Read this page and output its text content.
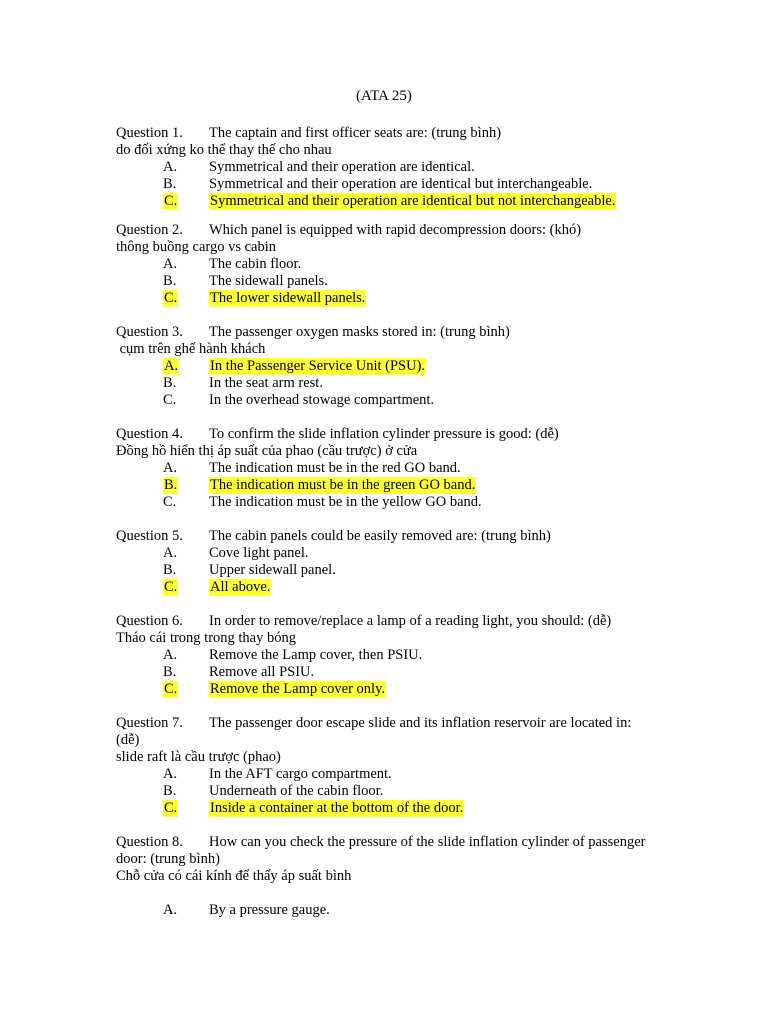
(ATA 25)
Question 1. The captain and first officer seats are: (trung bình)
do đối xứng ko thể thay thế cho nhau
A. Symmetrical and their operation are identical.
B. Symmetrical and their operation are identical but interchangeable.
C. Symmetrical and their operation are identical but not interchangeable.
Question 2. Which panel is equipped with rapid decompression doors: (khó)
thông buồng cargo vs cabin
A. The cabin floor.
B. The sidewall panels.
C. The lower sidewall panels.
Question 3. The passenger oxygen masks stored in: (trung bình)
cụm trên ghế hành khách
A. In the Passenger Service Unit (PSU).
B. In the seat arm rest.
C. In the overhead stowage compartment.
Question 4. To confirm the slide inflation cylinder pressure is good: (dễ)
Đồng hồ hiển thị áp suất của phao (cầu trược) ở cửa
A. The indication must be in the red GO band.
B. The indication must be in the green GO band.
C. The indication must be in the yellow GO band.
Question 5. The cabin panels could be easily removed are: (trung bình)
A. Cove light panel.
B. Upper sidewall panel.
C. All above.
Question 6. In order to remove/replace a lamp of a reading light, you should: (dễ)
Tháo cái trong trong thay bóng
A. Remove the Lamp cover, then PSIU.
B. Remove all PSIU.
C. Remove the Lamp cover only.
Question 7. The passenger door escape slide and its inflation reservoir are located in: (dễ)
slide raft là cầu trược (phao)
A. In the AFT cargo compartment.
B. Underneath of the cabin floor.
C. Inside a container at the bottom of the door.
Question 8. How can you check the pressure of the slide inflation cylinder of passenger door: (trung bình)
Chỗ cửa có cái kính để thấy áp suất bình
A. By a pressure gauge.
